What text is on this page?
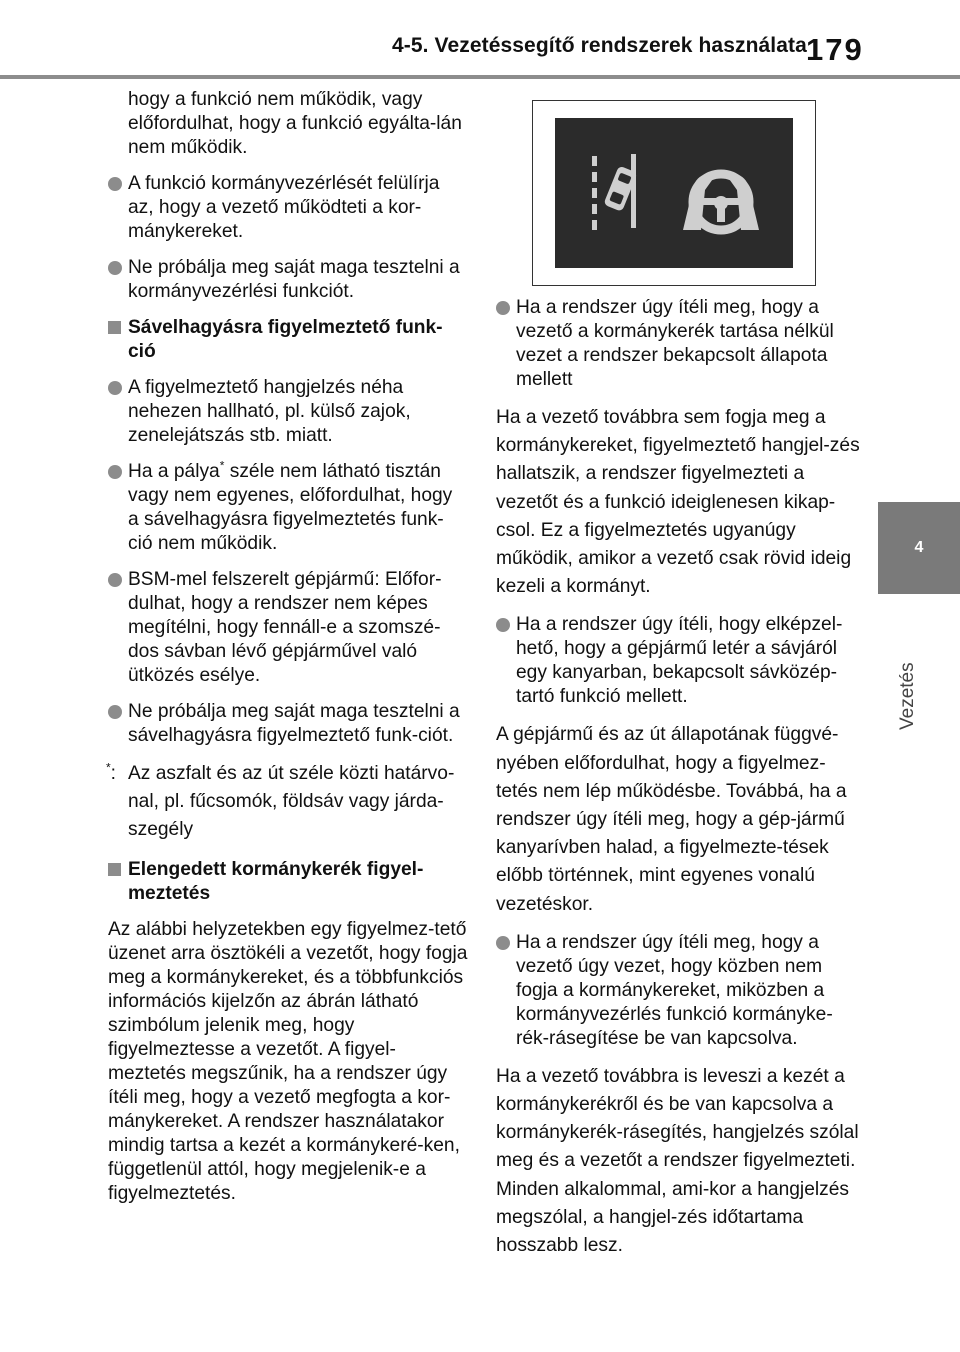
4-5. Vezetéssegítő rendszerek használata 179
4
Vezetés

hogy a funkció nem működik, vagy előfordulhat, hogy a funkció egyálta-lán nem működik.

A funkció kormányvezérlését felülírja az, hogy a vezető működteti a kor-mánykereket.
Ne próbálja meg saját maga tesztelni a kormányvezérlési funkciót.
Sávelhagyásra figyelmeztető funk-ció
A figyelmeztető hangjelzés néha nehezen hallható, pl. külső zajok, zenelejátszás stb. miatt.
Ha a pálya* széle nem látható tisztán vagy nem egyenes, előfordulhat, hogy a sávelhagyásra figyelmeztetés funk-ció nem működik.
BSM-mel felszerelt gépjármű: Előfor-dulhat, hogy a rendszer nem képes megítélni, hogy fennáll-e a szomszé-dos sávban lévő gépjárművel való ütközés esélye.
Ne próbálja meg saját maga tesztelni a sávelhagyásra figyelmeztető funk-ciót.
*: Az aszfalt és az út széle közti határvo-nal, pl. fűcsomók, földsáv vagy járda-szegély
Elengedett kormánykerék figyel-meztetés

Az alábbi helyzetekben egy figyelmez-tető üzenet arra ösztökéli a vezetőt, hogy fogja meg a kormánykereket, és a többfunkciós információs kijelzőn az ábrán látható szimbólum jelenik meg, hogy figyelmeztesse a vezetőt. A figyel-meztetés megszűnik, ha a rendszer úgy ítéli meg, hogy a vezető megfogta a kor-mánykereket. A rendszer használatakor mindig tartsa a kezét a kormánykeré-ken, függetlenül attól, hogy megjelenik-e a figyelmeztetés.

Ha a rendszer úgy ítéli meg, hogy a vezető a kormánykerék tartása nélkül vezet a rendszer bekapcsolt állapota mellett

Ha a vezető továbbra sem fogja meg a kormánykereket, figyelmeztető hangjel-zés hallatszik, a rendszer figyelmezteti a vezetőt és a funkció ideiglenesen kikap-csol. Ez a figyelmeztetés ugyanúgy működik, amikor a vezető csak rövid ideig kezeli a kormányt.

Ha a rendszer úgy ítéli, hogy elképzel-hető, hogy a gépjármű letér a sávjáról egy kanyarban, bekapcsolt sávközép-tartó funkció mellett.

A gépjármű és az út állapotának függvé-nyében előfordulhat, hogy a figyelmez-tetés nem lép működésbe. Továbbá, ha a rendszer úgy ítéli meg, hogy a gép-jármű kanyarívben halad, a figyelmezte-tések előbb történnek, mint egyenes vonalú vezetéskor.

Ha a rendszer úgy ítéli meg, hogy a vezető úgy vezet, hogy közben nem fogja a kormánykereket, miközben a kormányvezérlés funkció kormányke-rék-rásegítése be van kapcsolva.

Ha a vezető továbbra is leveszi a kezét a kormánykerékről és be van kapcsolva a kormánykerék-rásegítés, hangjelzés szólal meg és a vezetőt a rendszer figyelmezteti. Minden alkalommal, ami-kor a hangjelzés megszólal, a hangjel-zés időtartama hosszabb lesz.
